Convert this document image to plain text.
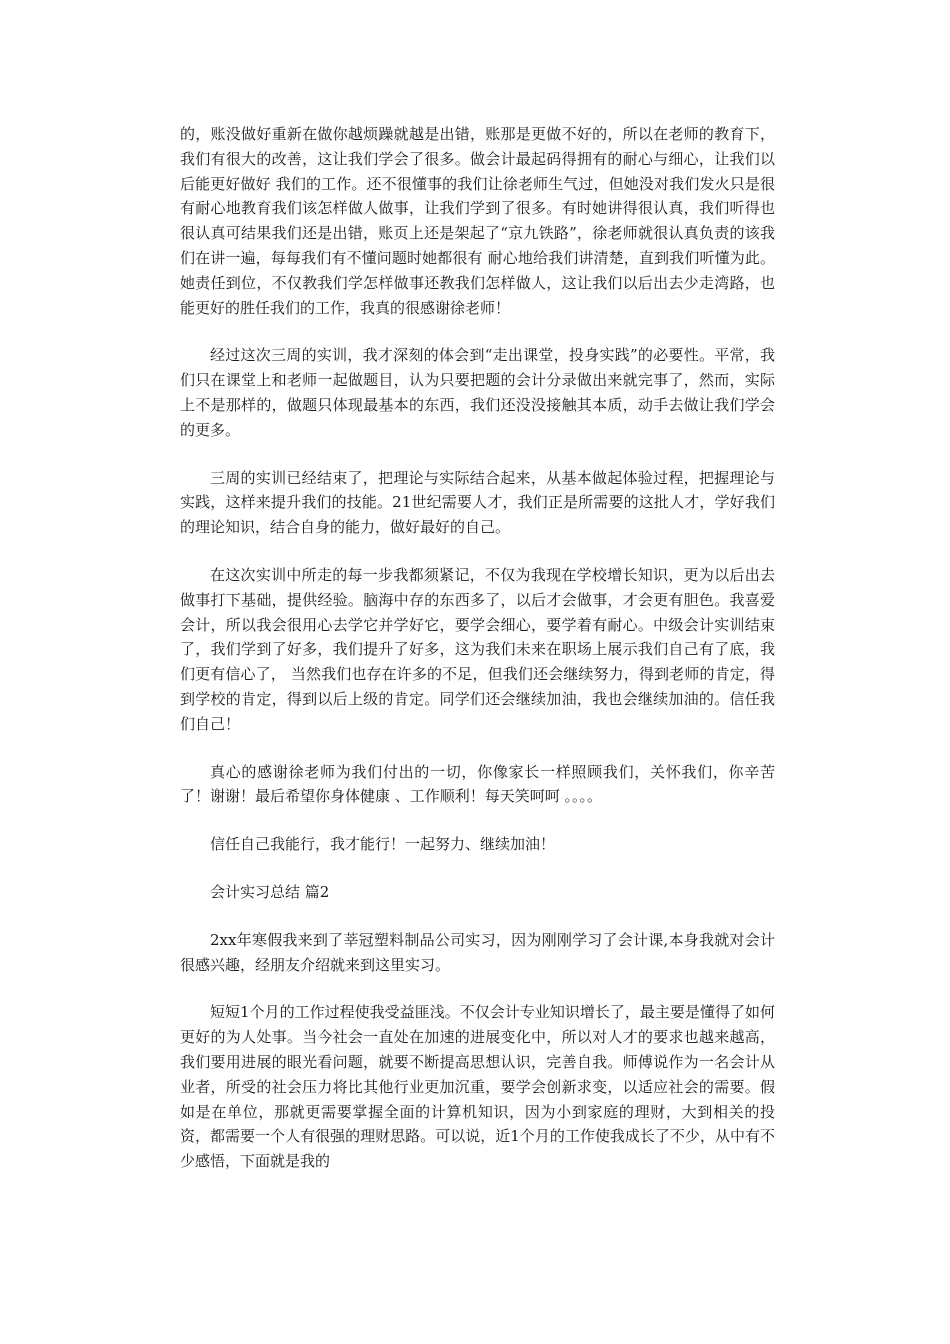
的，账没做好重新在做你越烦躁就越是出错，账那是更做不好的，所以在老师的教育下，我们有很大的改善，这让我们学会了很多。做会计最起码得拥有的耐心与细心，让我们以后能更好做好 我们的工作。还不很懂事的我们让徐老师生气过，但她没对我们发火只是很有耐心地教育我们该怎样做人做事，让我们学到了很多。有时她讲得很认真，我们听得也很认真可结果我们还是出错，账页上还是架起了“京九铁路”，徐老师就很认真负责的该我们在讲一遍，每每我们有不懂问题时她都很有 耐心地给我们讲清楚，直到我们听懂为此。她责任到位，不仅教我们学怎样做事还教我们怎样做人，这让我们以后出去少走湾路，也能更好的胜任我们的工作，我真的很感谢徐老师！

经过这次三周的实训，我才深刻的体会到“走出课堂，投身实践”的必要性。平常，我们只在课堂上和老师一起做题目，认为只要把题的会计分录做出来就完事了，然而，实际上不是那样的，做题只体现最基本的东西，我们还没没接触其本质，动手去做让我们学会的更多。

三周的实训已经结束了，把理论与实际结合起来，从基本做起体验过程，把握理论与实践，这样来提升我们的技能。21世纪需要人才，我们正是所需要的这批人才，学好我们的理论知识，结合自身的能力，做好最好的自己。

在这次实训中所走的每一步我都须紧记，不仅为我现在学校增长知识，更为以后出去做事打下基础，提供经验。脑海中存的东西多了，以后才会做事，才会更有胆色。我喜爱会计，所以我会很用心去学它并学好它，要学会细心，要学着有耐心。中级会计实训结束了，我们学到了好多，我们提升了好多，这为我们未来在职场上展示我们自己有了底，我们更有信心了， 当然我们也存在许多的不足，但我们还会继续努力，得到老师的肯定，得到学校的肯定，得到以后上级的肯定。同学们还会继续加油，我也会继续加油的。信任我们自己！

真心的感谢徐老师为我们付出的一切，你像家长一样照顾我们，关怀我们，你辛苦了！谢谢！最后希望你身体健康 、工作顺利！每天笑呵呵 。。。。

信任自己我能行，我才能行！一起努力、继续加油！

会计实习总结 篇2

2xx年寒假我来到了莘冠塑料制品公司实习，因为刚刚学习了会计课,本身我就对会计很感兴趣，经朋友介绍就来到这里实习。

短短1个月的工作过程使我受益匪浅。不仅会计专业知识增长了，最主要是懂得了如何更好的为人处事。当今社会一直处在加速的进展变化中，所以对人才的要求也越来越高，我们要用进展的眼光看问题，就要不断提高思想认识，完善自我。师傅说作为一名会计从业者，所受的社会压力将比其他行业更加沉重，要学会创新求变，以适应社会的需要。假如是在单位，那就更需要掌握全面的计算机知识，因为小到家庭的理财，大到相关的投资，都需要一个人有很强的理财思路。可以说，近1个月的工作使我成长了不少，从中有不少感悟，下面就是我的
